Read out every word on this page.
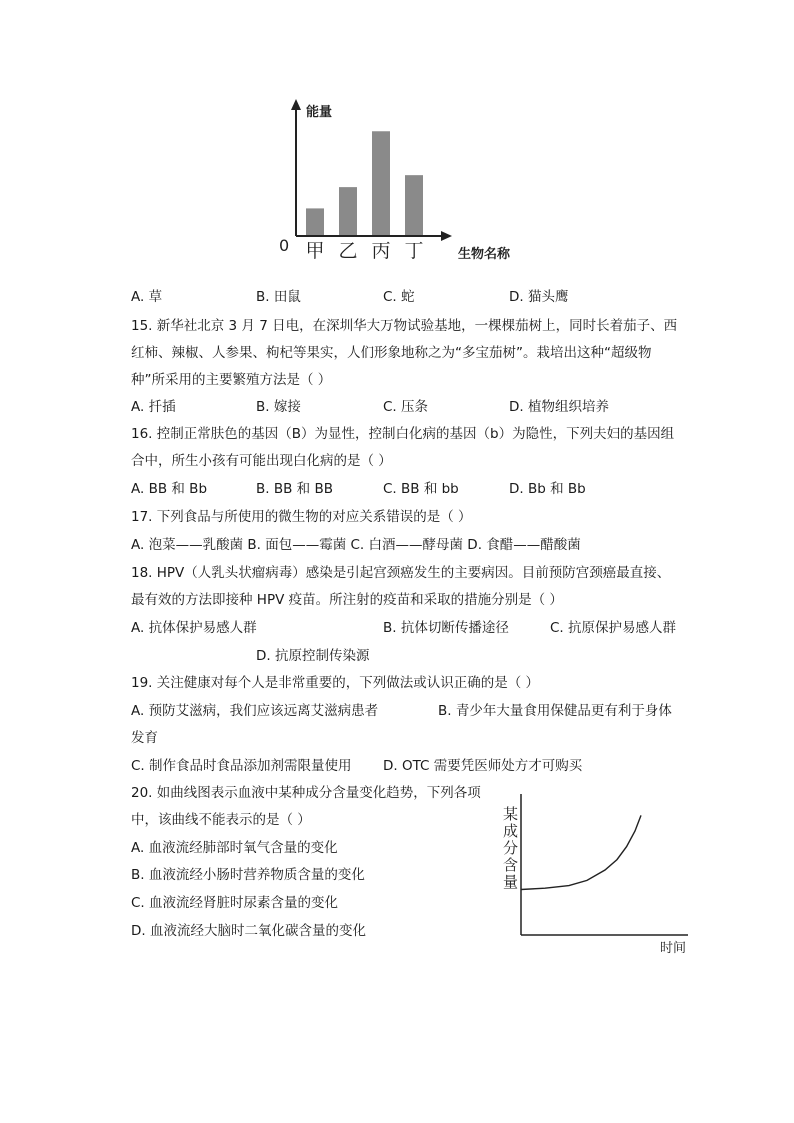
能量
0	生物名称
甲 乙 丙 丁
A. 草	B. 田鼠	C. 蛇	D. 猫头鹰
15. 新华社北京 3 月 7 日电，在深圳华大万物试验基地，一棵棵茄树上，同时长着茄子、西
红柿、辣椒、人参果、枸杞等果实，人们形象地称之为“多宝茄树”。栽培出这种“超级物
种”所采用的主要繁殖方法是（ ）
A. 扦插	B. 嫁接	C. 压条	D. 植物组织培养
16. 控制正常肤色的基因（B）为显性，控制白化病的基因（b）为隐性，下列夫妇的基因组
合中，所生小孩有可能出现白化病的是（ ）
A. BB 和 Bb	B. BB 和 BB	C. BB 和 bb	D. Bb 和 Bb
17. 下列食品与所使用的微生物的对应关系错误的是（ ）
A. 泡菜——乳酸菌 B. 面包——霉菌 C. 白酒——酵母菌 D. 食醋——醋酸菌
18. HPV（人乳头状瘤病毒）感染是引起宫颈癌发生的主要病因。目前预防宫颈癌最直接、
最有效的方法即接种 HPV 疫苗。所注射的疫苗和采取的措施分别是（ ）
A. 抗体保护易感人群	B. 抗体切断传播途径	C. 抗原保护易感人群
D. 抗原控制传染源
19. 关注健康对每个人是非常重要的，下列做法或认识正确的是（ ）
A. 预防艾滋病，我们应该远离艾滋病患者	B. 青少年大量食用保健品更有利于身体
发育
C. 制作食品时食品添加剂需限量使用 D. OTC 需要凭医师处方才可购买
20. 如曲线图表示血液中某种成分含量变化趋势，下列各项
中，该曲线不能表示的是（ ）
A. 血液流经肺部时氧气含量的变化
B. 血液流经小肠时营养物质含量的变化
C. 血液流经肾脏时尿素含量的变化
D. 血液流经大脑时二氧化碳含量的变化
某
成
分
含
量
时间
